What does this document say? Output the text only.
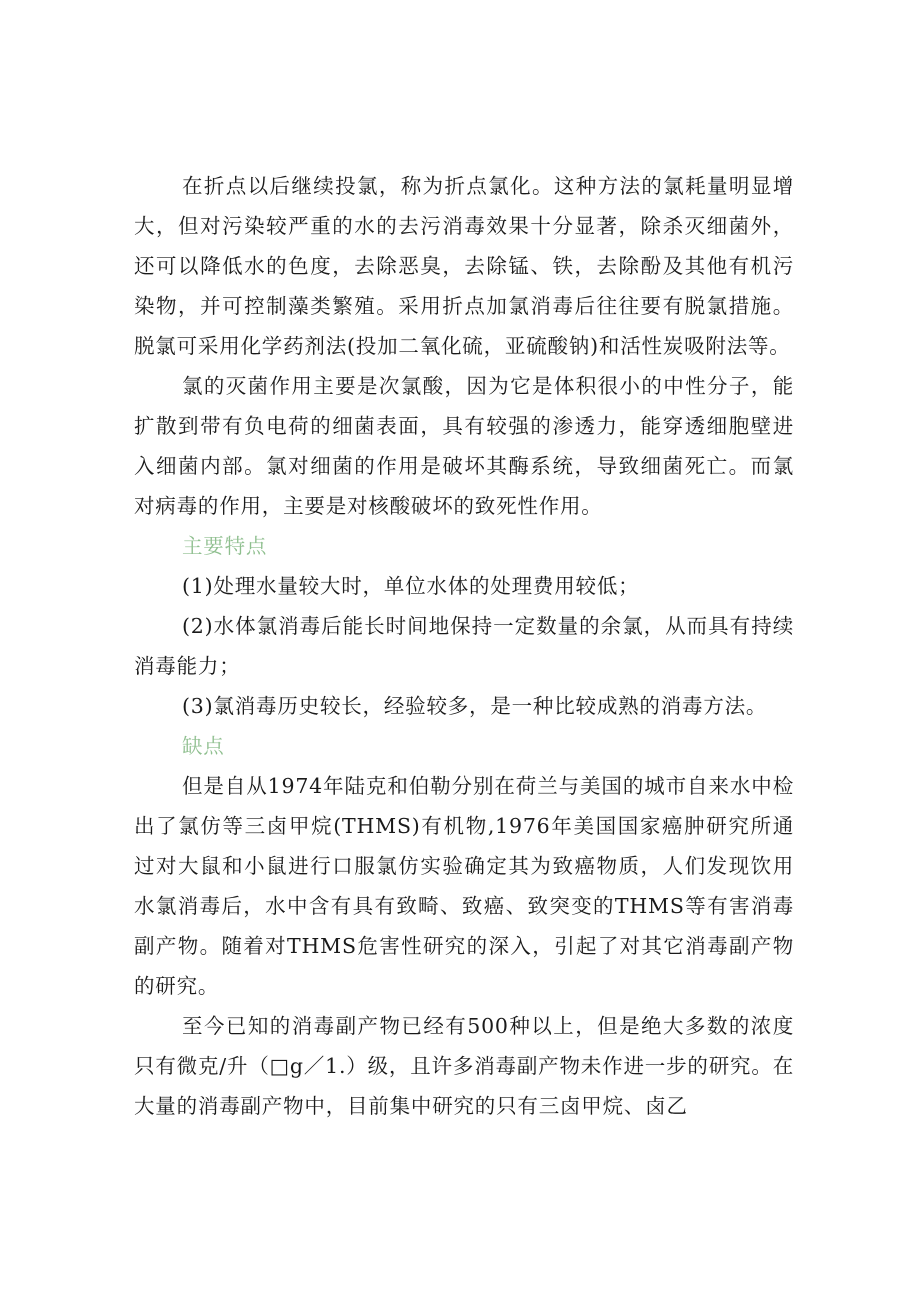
在折点以后继续投氯，称为折点氯化。这种方法的氯耗量明显增大，但对污染较严重的水的去污消毒效果十分显著，除杀灭细菌外，还可以降低水的色度，去除恶臭，去除锰、铁，去除酚及其他有机污染物，并可控制藻类繁殖。采用折点加氯消毒后往往要有脱氯措施。脱氯可采用化学药剂法(投加二氧化硫，亚硫酸钠)和活性炭吸附法等。

氯的灭菌作用主要是次氯酸，因为它是体积很小的中性分子，能扩散到带有负电荷的细菌表面，具有较强的渗透力，能穿透细胞壁进入细菌内部。氯对细菌的作用是破坏其酶系统，导致细菌死亡。而氯对病毒的作用，主要是对核酸破坏的致死性作用。

主要特点

(1)处理水量较大时，单位水体的处理费用较低；

(2)水体氯消毒后能长时间地保持一定数量的余氯，从而具有持续消毒能力；

(3)氯消毒历史较长，经验较多，是一种比较成熟的消毒方法。

缺点

但是自从1974年陆克和伯勒分别在荷兰与美国的城市自来水中检出了氯仿等三卤甲烷(THMS)有机物,1976年美国国家癌肿研究所通过对大鼠和小鼠进行口服氯仿实验确定其为致癌物质，人们发现饮用水氯消毒后，水中含有具有致畸、致癌、致突变的THMS等有害消毒副产物。随着对THMS危害性研究的深入，引起了对其它消毒副产物的研究。

至今已知的消毒副产物已经有500种以上，但是绝大多数的浓度只有微克/升（□g／1.）级，且许多消毒副产物未作进一步的研究。在大量的消毒副产物中，目前集中研究的只有三卤甲烷、卤乙
